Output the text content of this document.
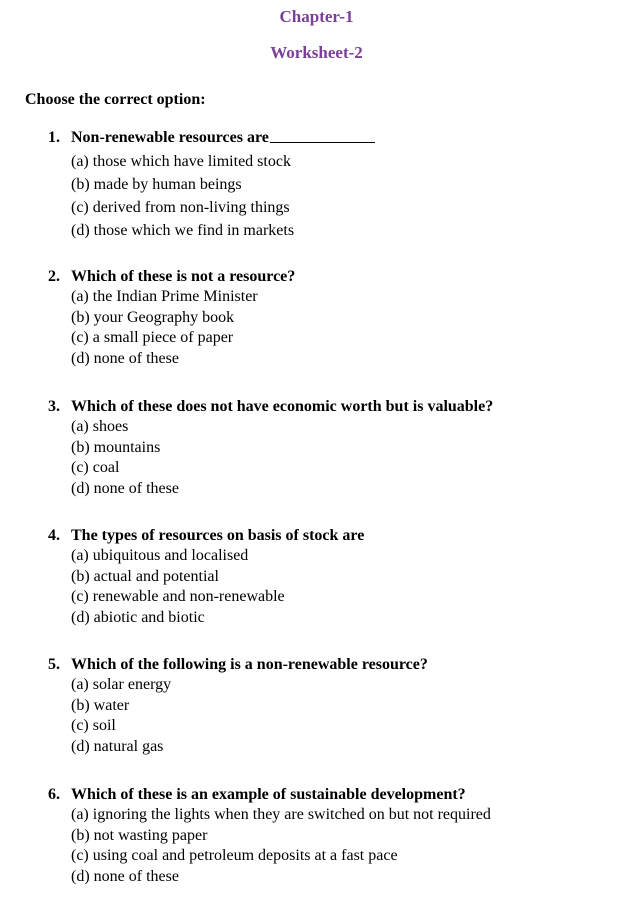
Chapter-1
Worksheet-2

Choose the correct option:

1. Non-renewable resources are
(a) those which have limited stock
(b) made by human beings
(c) derived from non-living things
(d) those which we find in markets
2. Which of these is not a resource?
(a) the Indian Prime Minister
(b) your Geography book
(c) a small piece of paper
(d) none of these
3. Which of these does not have economic worth but is valuable?
(a) shoes
(b) mountains
(c) coal
(d) none of these
4. The types of resources on basis of stock are
(a) ubiquitous and localised
(b) actual and potential
(c) renewable and non-renewable
(d) abiotic and biotic
5. Which of the following is a non-renewable resource?
(a) solar energy
(b) water
(c) soil
(d) natural gas
6. Which of these is an example of sustainable development?
(a) ignoring the lights when they are switched on but not required
(b) not wasting paper
(c) using coal and petroleum deposits at a fast pace
(d) none of these
